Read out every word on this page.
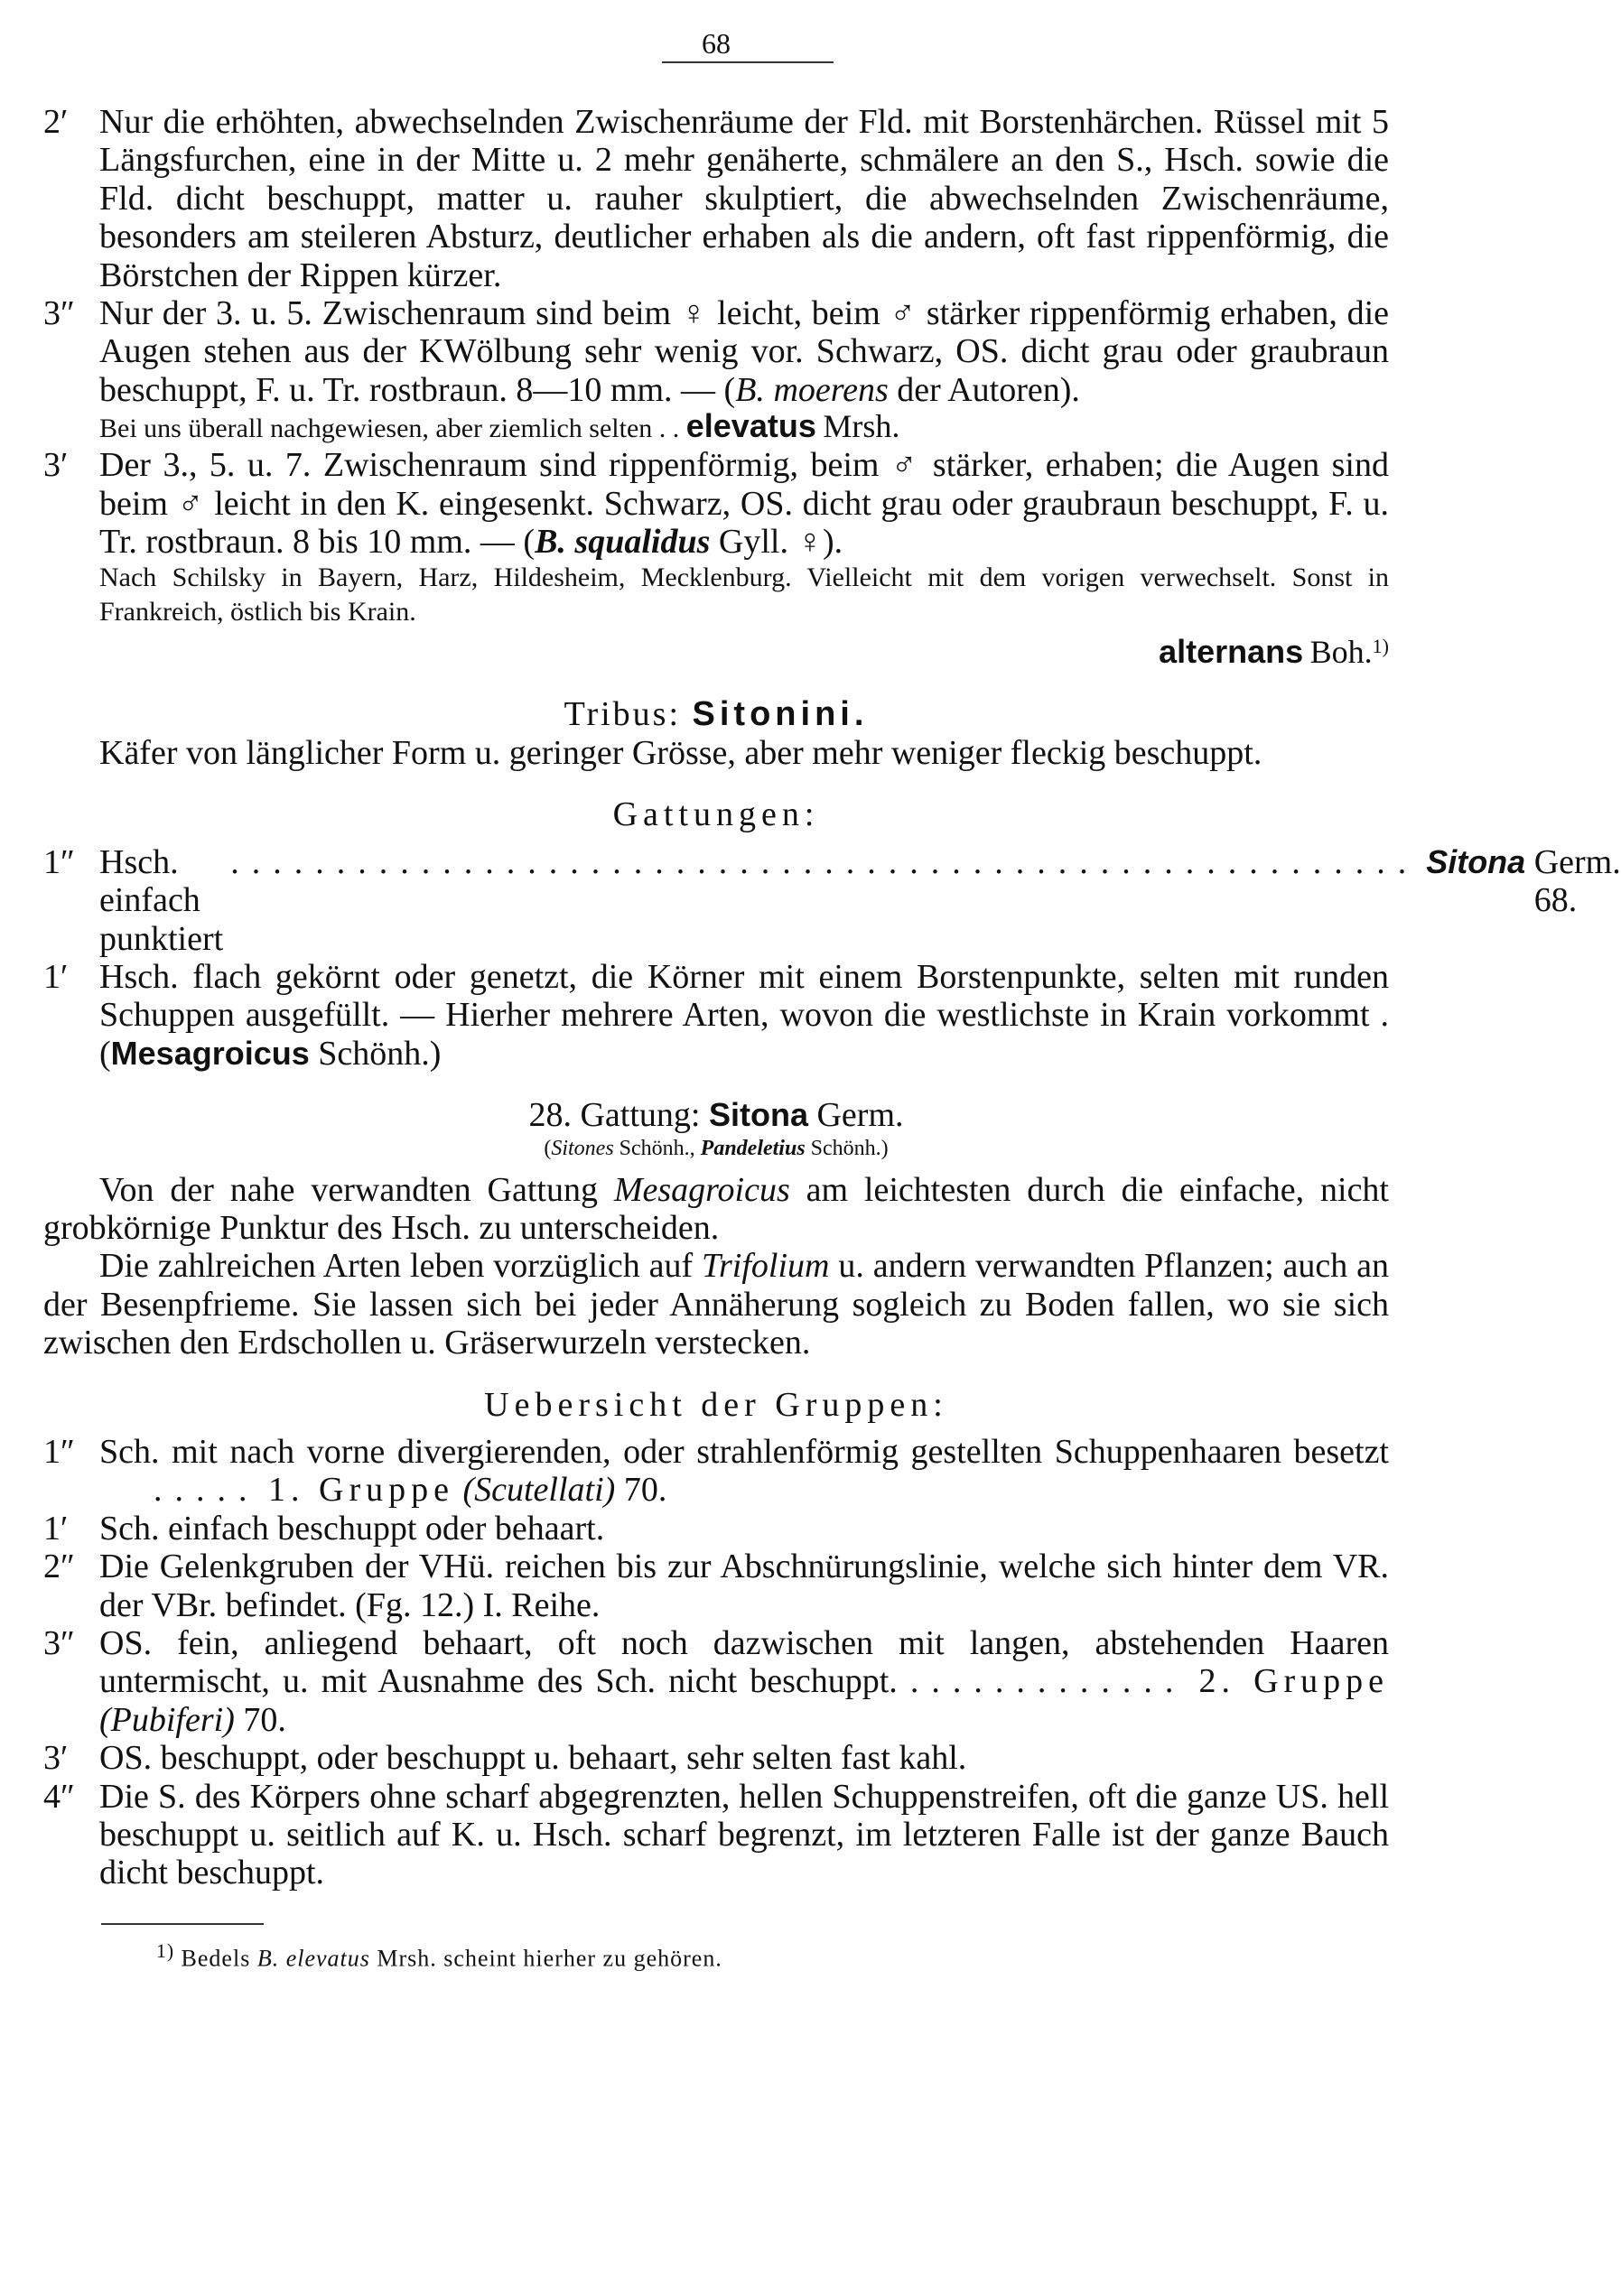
68
2′ Nur die erhöhten, abwechselnden Zwischenräume der Fld. mit Borstenhärchen. Rüssel mit 5 Längsfurchen, eine in der Mitte u. 2 mehr genäherte, schmälere an den S., Hsch. sowie die Fld. dicht beschuppt, matter u. rauher skulptiert, die abwechselnden Zwischenräume, besonders am steileren Absturz, deutlicher erhaben als die andern, oft fast rippenförmig, die Börstchen der Rippen kürzer.
3″ Nur der 3. u. 5. Zwischenraum sind beim ♀ leicht, beim ♂ stärker rippenförmig erhaben, die Augen stehen aus der KWölbung sehr wenig vor. Schwarz, OS. dicht grau oder graubraun beschuppt, F. u. Tr. rostbraun. 8—10 mm. — (B. moerens der Autoren).
Bei uns überall nachgewiesen, aber ziemlich selten . . elevatus Mrsh.
3′ Der 3., 5. u. 7. Zwischenraum sind rippenförmig, beim ♂ stärker, erhaben; die Augen sind beim ♂ leicht in den K. eingesenkt. Schwarz, OS. dicht grau oder graubraun beschuppt, F. u. Tr. rostbraun. 8 bis 10 mm. — (B. squalidus Gyll. ♀).
Nach Schilsky in Bayern, Harz, Hildesheim, Mecklenburg. Vielleicht mit dem vorigen verwechselt. Sonst in Frankreich, östlich bis Krain.
alternans Boh.$^{1)}$
Tribus: Sitonini.
Käfer von länglicher Form u. geringer Grösse, aber mehr weniger fleckig beschuppt.
Gattungen:
1″ Hsch. einfach punktiert
........................................................ Sitona
Germ. 68.
1′ Hsch. flach gekörnt oder genetzt, die Körner mit einem Borstenpunkte, selten mit runden Schuppen ausgefüllt. — Hierher mehrere Arten, wovon die westlichste in Krain vorkommt . (Mesagroicus Schönh.)
28. Gattung: Sitona Germ.
(Sitones Schönh., Pandeletius Schönh.)
Von der nahe verwandten Gattung Mesagroicus am leichtesten durch die einfache, nicht grobkörnige Punktur des Hsch. zu unterscheiden.
Die zahlreichen Arten leben vorzüglich auf Trifolium u. andern verwandten Pflanzen; auch an der Besenpfrieme. Sie lassen sich bei jeder Annäherung sogleich zu Boden fallen, wo sie sich zwischen den Erdschollen u. Gräserwurzeln verstecken.
Uebersicht der Gruppen:
1″ Sch. mit nach vorne divergierenden, oder strahlenförmig gestellten Schuppenhaaren besetzt ..... 1. Gruppe (Scutellati) 70.
1′ Sch. einfach beschuppt oder behaart.
2″ Die Gelenkgruben der VHü. reichen bis zur Abschnürungslinie, welche sich hinter dem VR. der VBr. befindet. (Fg. 12.) I. Reihe.
3″ OS. fein, anliegend behaart, oft noch dazwischen mit langen, abstehenden Haaren untermischt, u. mit Ausnahme des Sch. nicht beschuppt. ............. 2. Gruppe (Pubiferi) 70.
3′ OS. beschuppt, oder beschuppt u. behaart, sehr selten fast kahl.
4″ Die S. des Körpers ohne scharf abgegrenzten, hellen Schuppenstreifen, oft die ganze US. hell beschuppt u. seitlich auf K. u. Hsch. scharf begrenzt, im letzteren Falle ist der ganze Bauch dicht beschuppt.
$^{1)}$ Bedels B. elevatus Mrsh. scheint hierher zu gehören.
